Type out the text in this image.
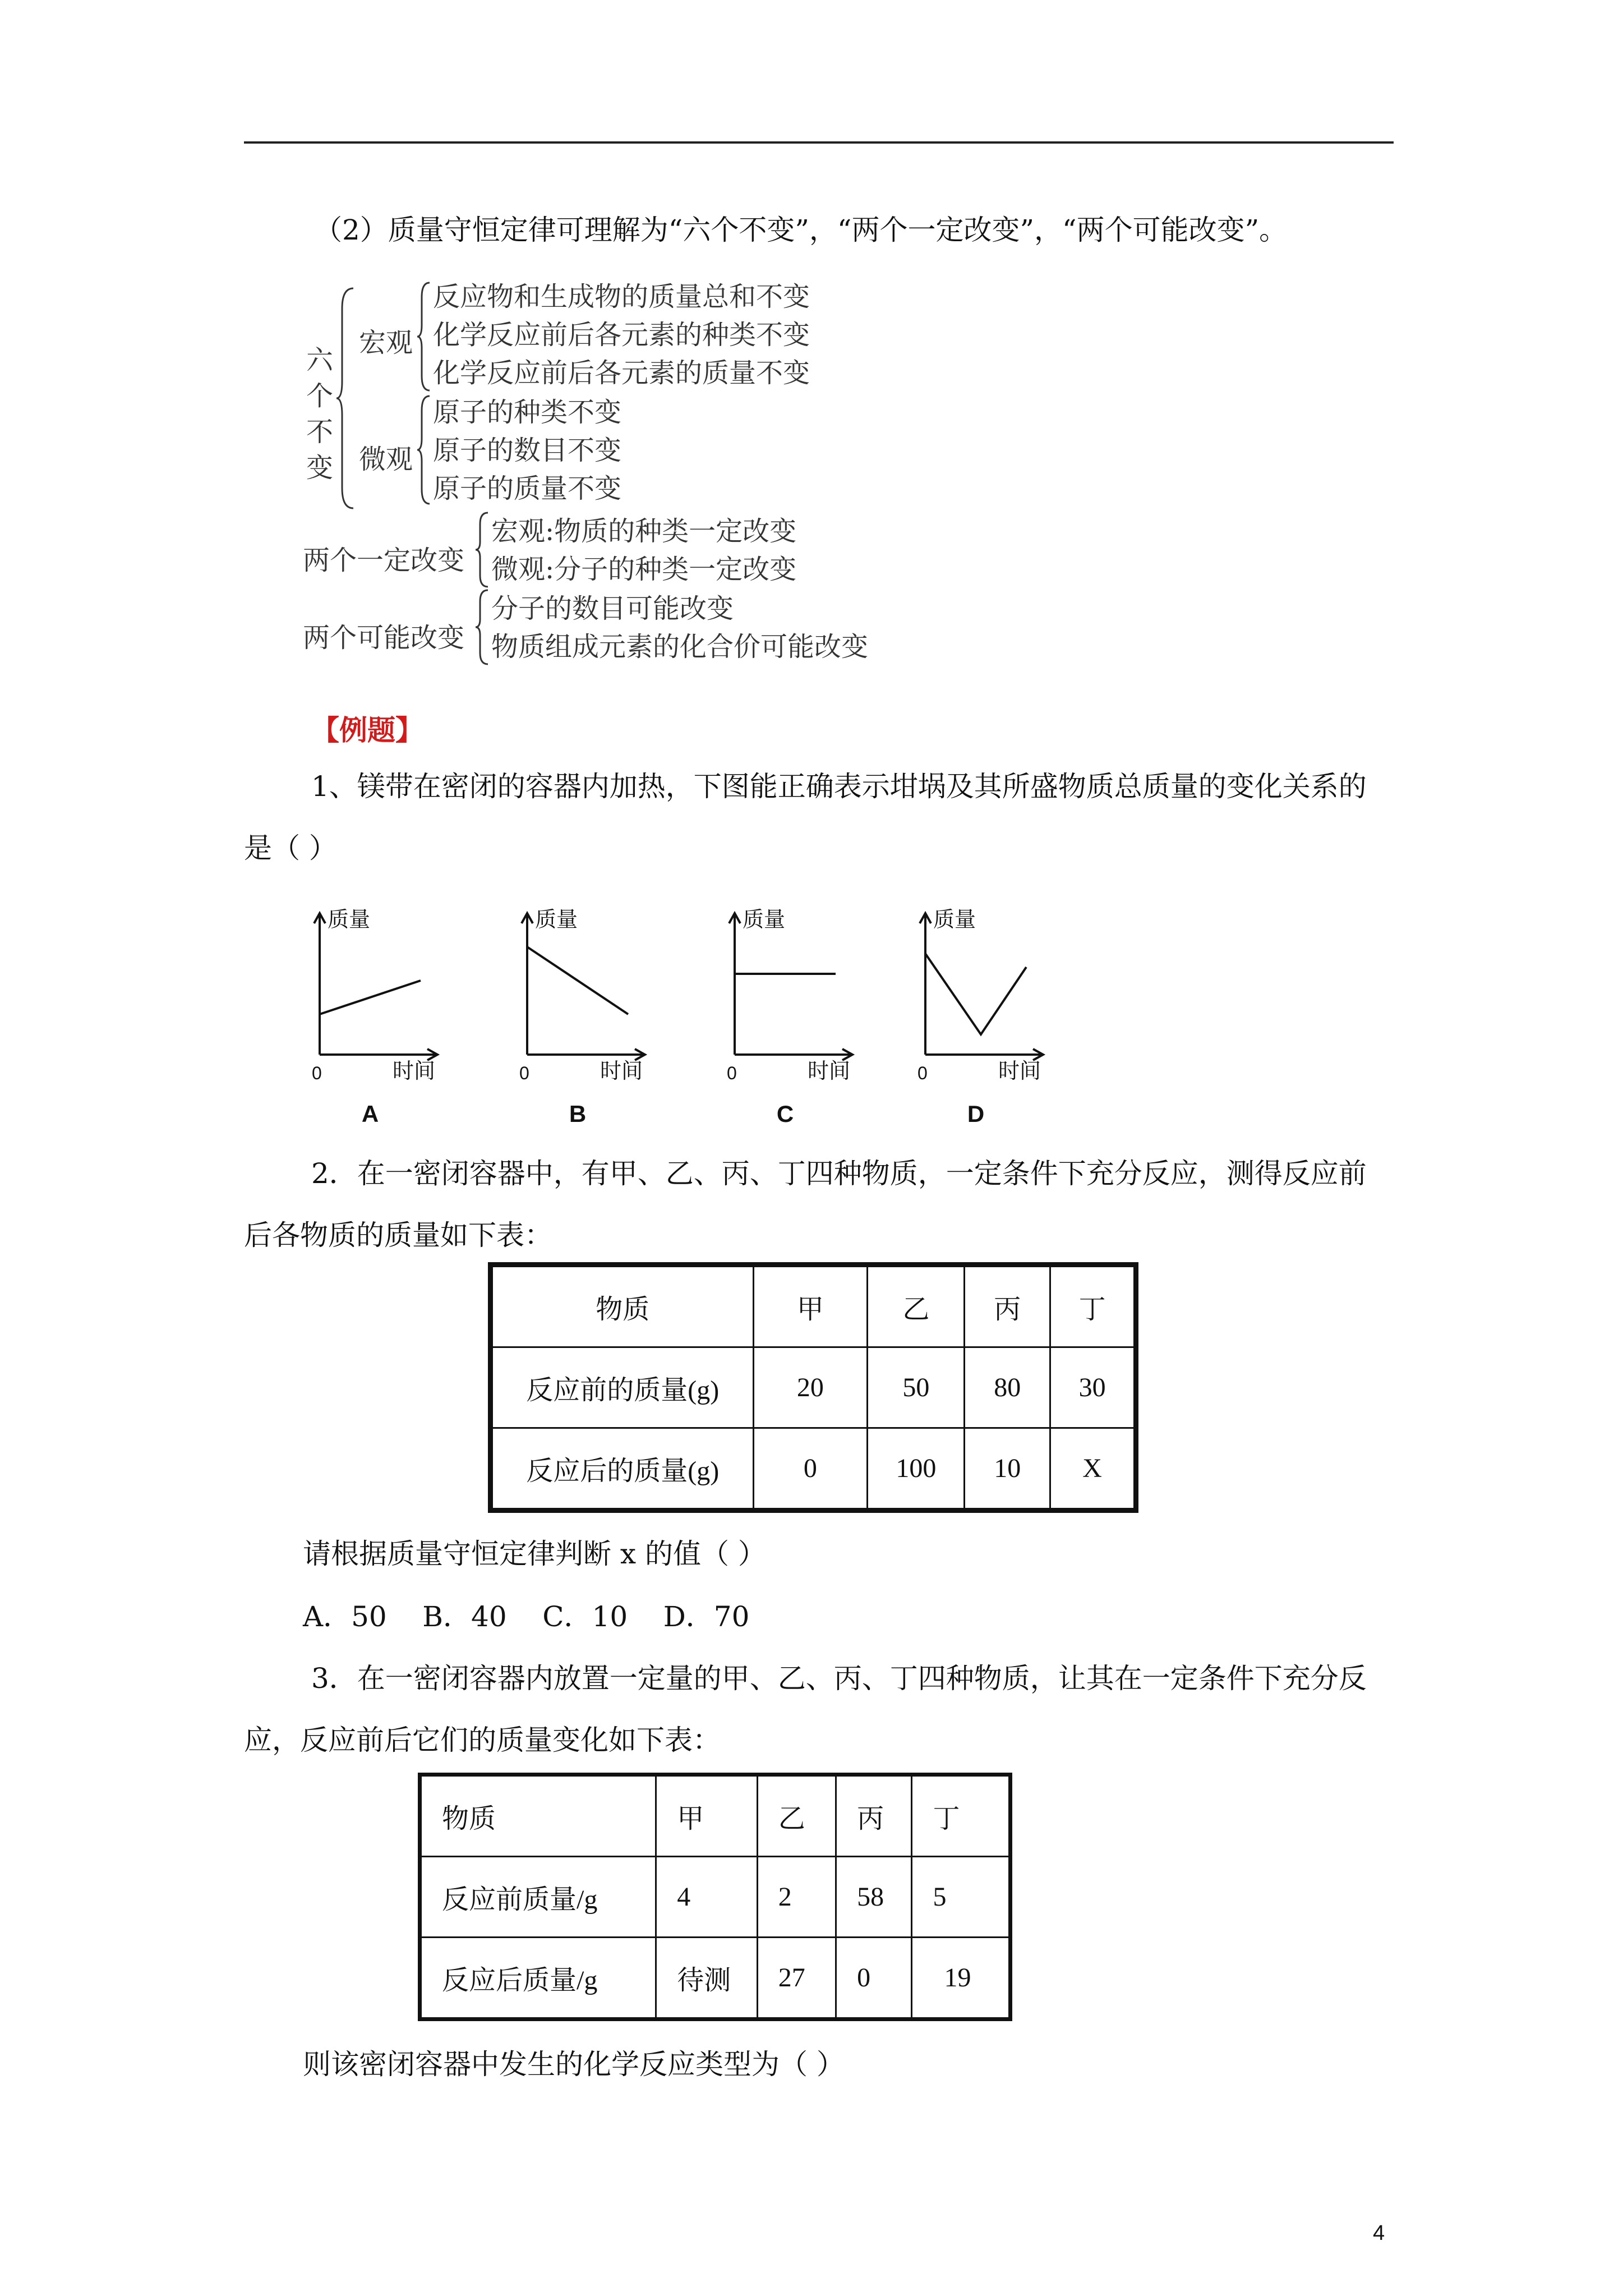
（2）质量守恒定律可理解为“六个不变”，“两个一定改变”，“两个可能改变”。
六
个
不
变
宏观
反应物和生成物的质量总和不变
化学反应前后各元素的种类不变
化学反应前后各元素的质量不变
微观
原子的种类不变
原子的数目不变
原子的质量不变
两个一定改变
宏观:物质的种类一定改变
微观:分子的种类一定改变
两个可能改变
分子的数目可能改变
物质组成元素的化合价可能改变
【例题】
1、镁带在密闭的容器内加热，下图能正确表示坩埚及其所盛物质总质量的变化关系的
是（ ）
质量
时间
0
A
质量
时间
0
B
质量
时间
0
C
质量
时间
0
D
2．在一密闭容器中，有甲、乙、丙、丁四种物质，一定条件下充分反应，测得反应前
后各物质的质量如下表：
物质	甲	乙	丙	丁
反应前的质量(g)	20	50	80	30
反应后的质量(g)	0	100	10	X
请根据质量守恒定律判断 x 的值（ ）
A．50    B．40    C．10    D．70
3．在一密闭容器内放置一定量的甲、乙、丙、丁四种物质，让其在一定条件下充分反
应，反应前后它们的质量变化如下表：
物质	甲	乙	丙	丁
反应前质量/g	4	2	58	5
反应后质量/g	待测	27	0	19
则该密闭容器中发生的化学反应类型为（ ）
4
